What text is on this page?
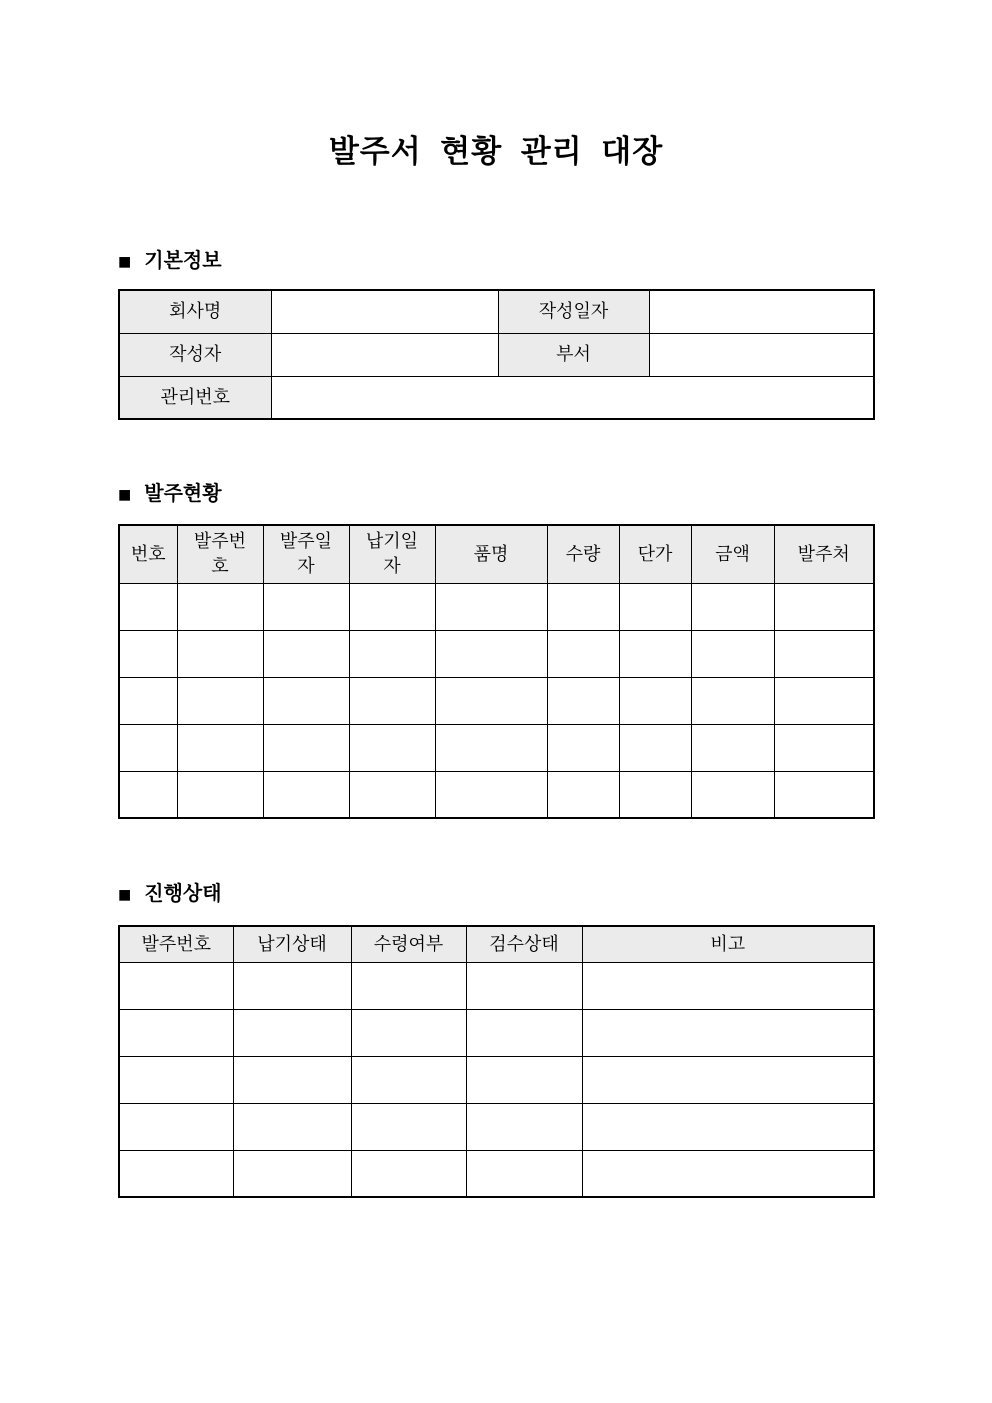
발주서 현황 관리 대장
■ 기본정보
회사명		작성일자	
작성자		부서	
관리번호			
■ 발주현황
번호	발주번호	발주일자	납기일자	품명	수량	단가	금액	발주처

■ 진행상태
발주번호	납기상태	수령여부	검수상태	비고
